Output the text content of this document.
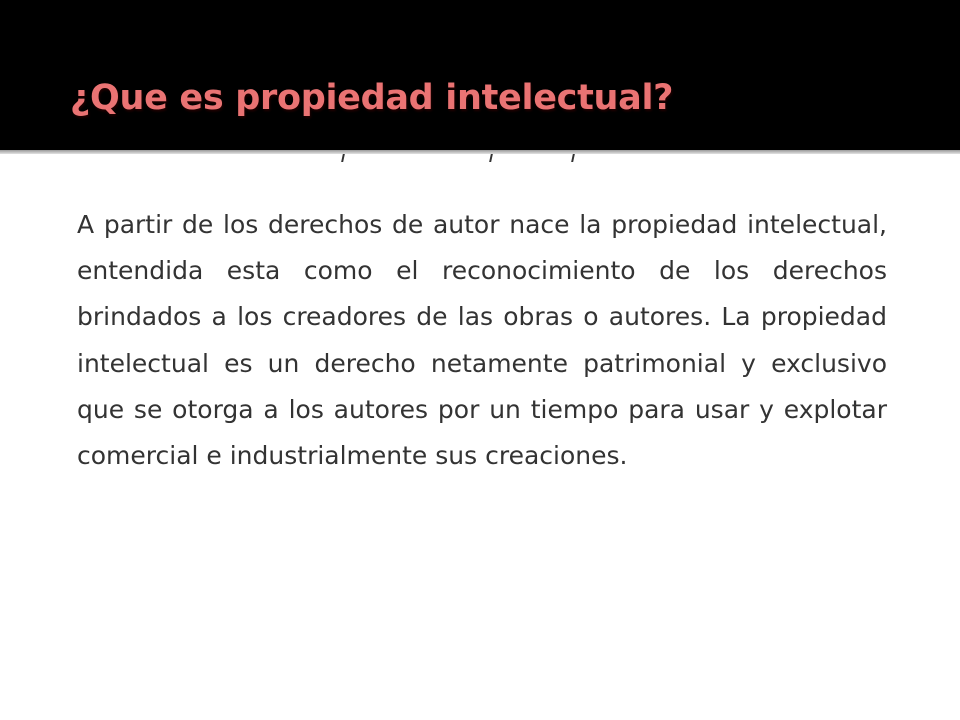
¿Que es propiedad intelectual?

A partir de los derechos de autor nace la propiedad intelectual, entendida esta como el reconocimiento de los derechos brindados a los creadores de las obras o autores. La propiedad intelectual es un derecho netamente patrimonial y exclusivo que se otorga a los autores por un tiempo para usar y explotar comercial e industrialmente sus creaciones.
